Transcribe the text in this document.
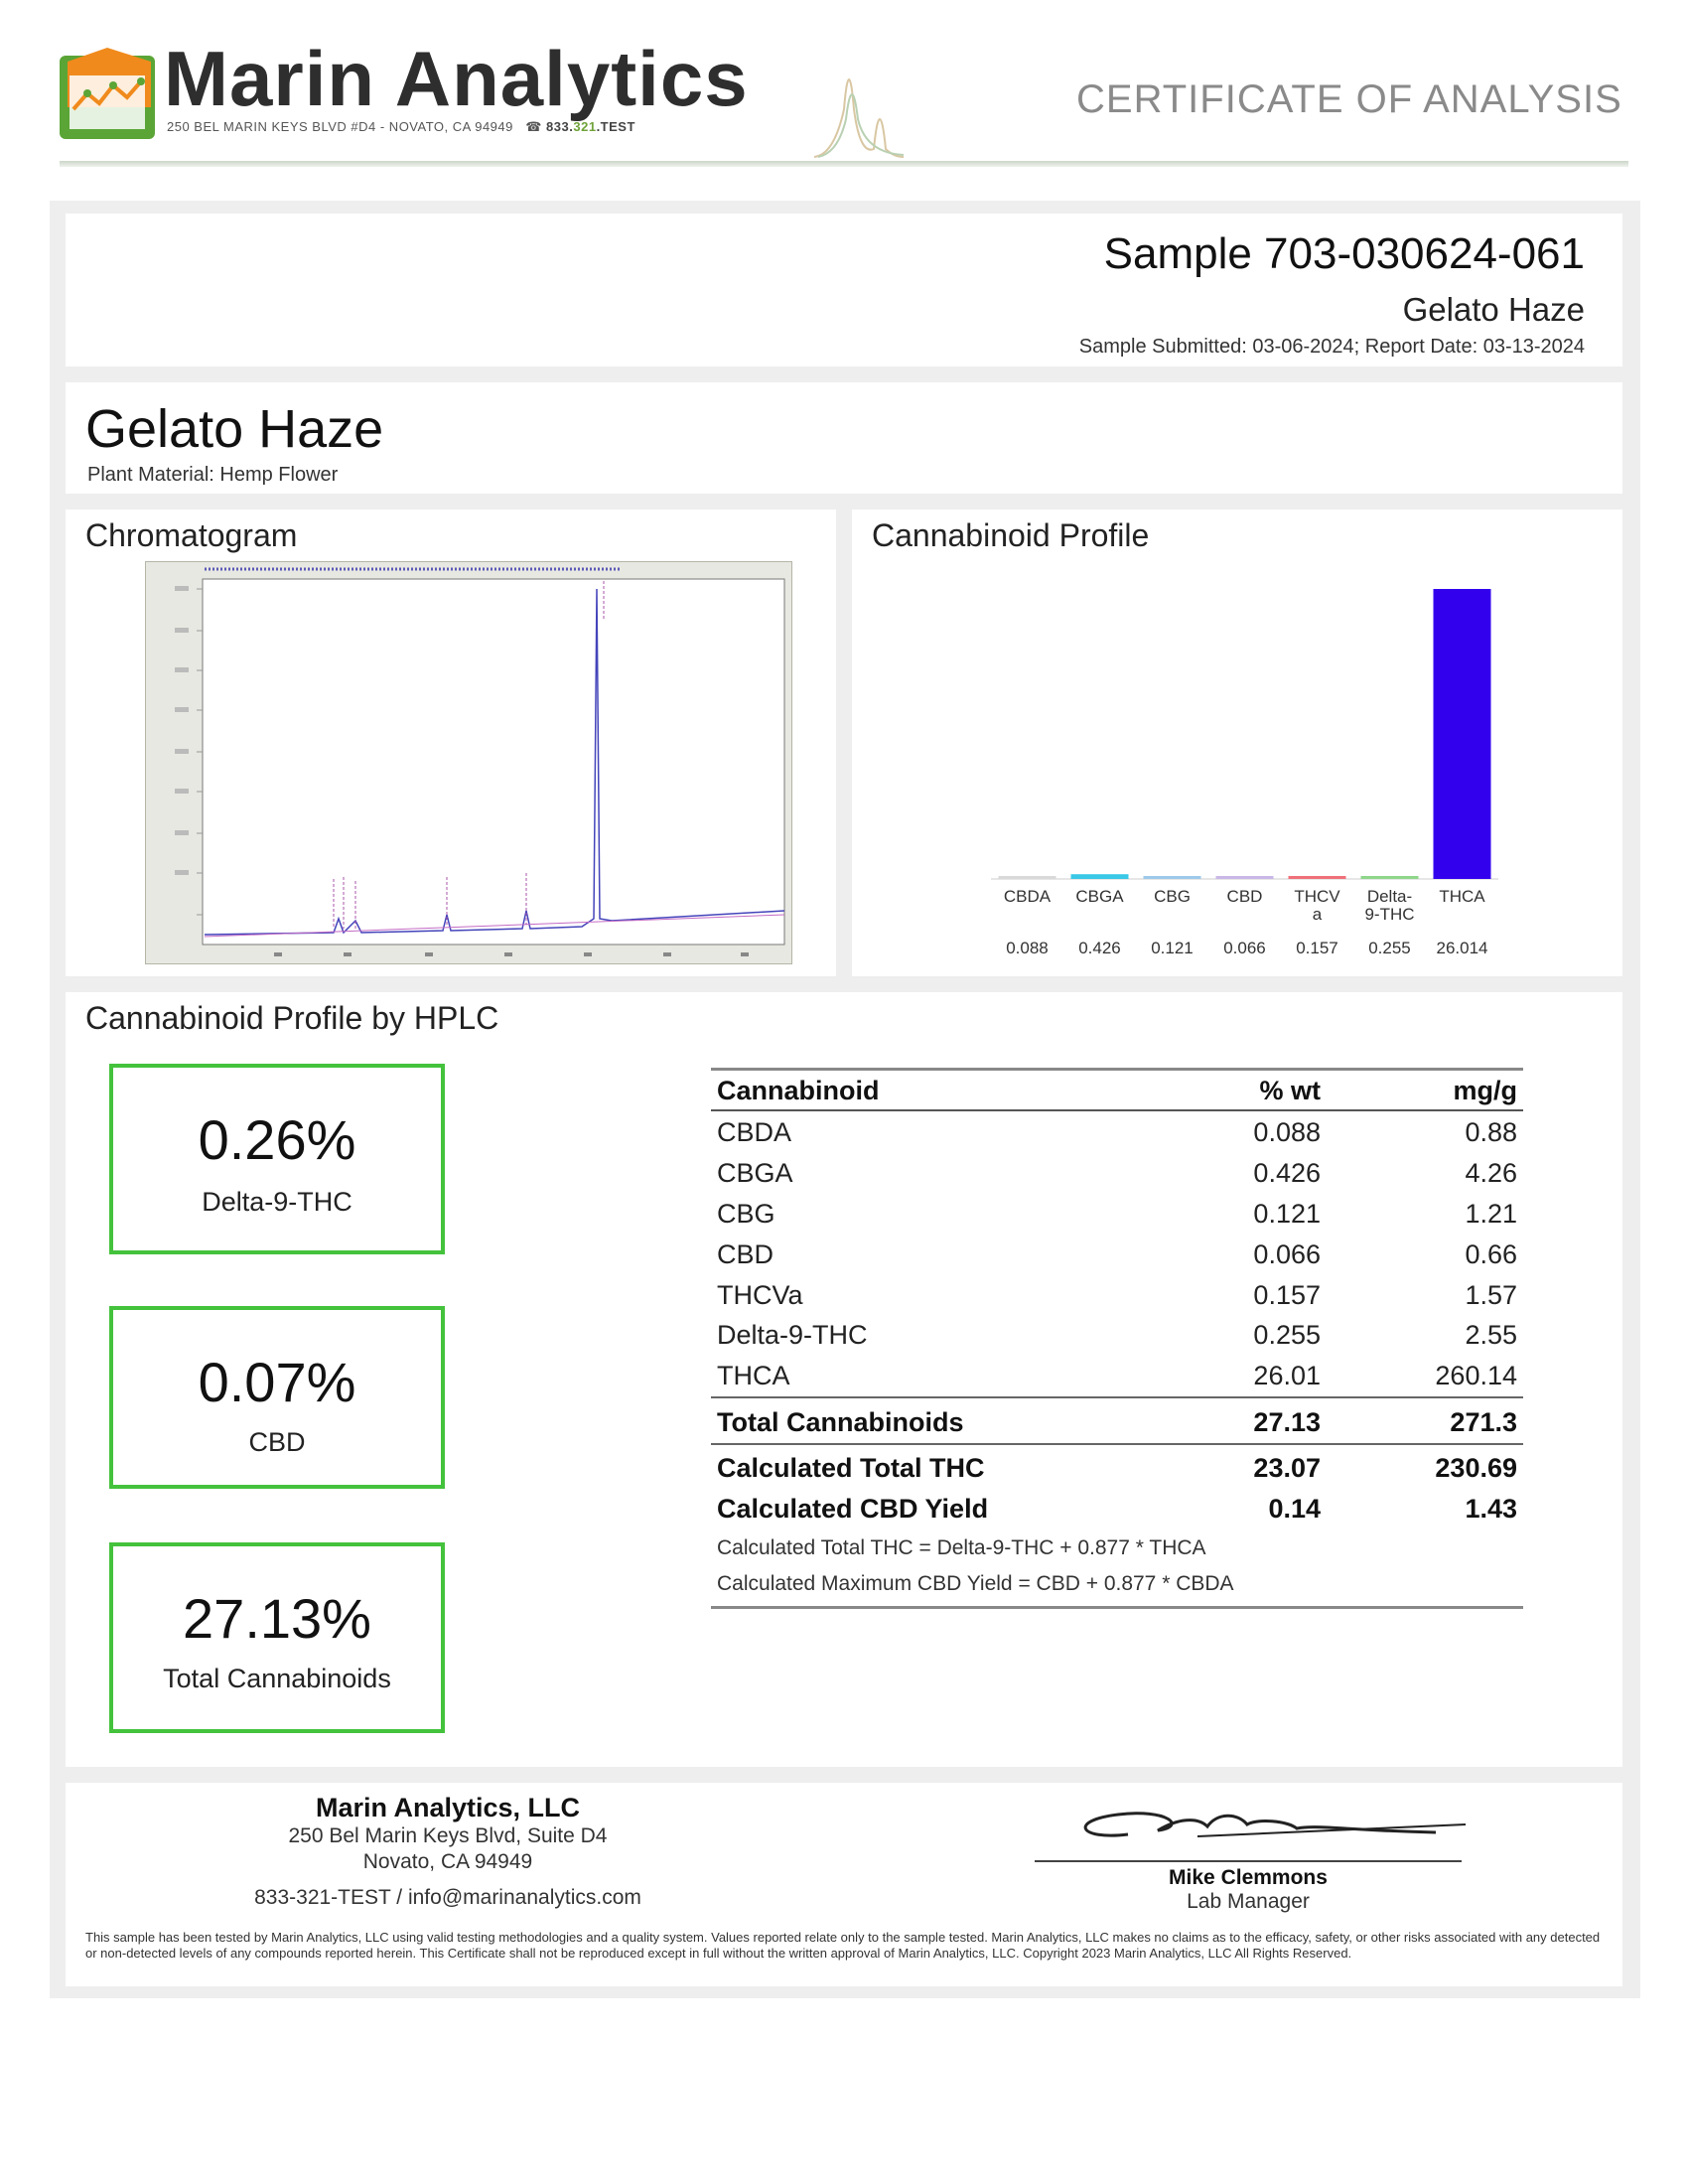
Marin Analytics
250 BEL MARIN KEYS BLVD #D4 - NOVATO, CA 94949 ☎ 833.321.TEST
CERTIFICATE OF ANALYSIS
Sample 703-030624-061
Gelato Haze
Sample Submitted: 03-06-2024; Report Date: 03-13-2024
Gelato Haze
Plant Material: Hemp Flower
Chromatogram	Cannabinoid Profile
CBDA
0.088
CBGA
0.426
CBG
0.121
CBD
0.066
THCV
a
0.157
Delta-
9-THC
0.255
THCA
26.014
Cannabinoid Profile by HPLC
0.26%
Delta-9-THC
0.07%
CBD
27.13%
Total Cannabinoids
Cannabinoid	% wt	mg/g
CBDA	0.088	0.88
CBGA	0.426	4.26
CBG	0.121	1.21
CBD	0.066	0.66
THCVa	0.157	1.57
Delta-9-THC	0.255	2.55
THCA	26.01	260.14
Total Cannabinoids	27.13	271.3
Calculated Total THC	23.07	230.69
Calculated CBD Yield	0.14	1.43
Calculated Total THC = Delta-9-THC + 0.877 * THCA
Calculated Maximum CBD Yield = CBD + 0.877 * CBDA
Marin Analytics, LLC
250 Bel Marin Keys Blvd, Suite D4
Novato, CA 94949
833-321-TEST / info@marinanalytics.com
Mike Clemmons
Lab Manager
This sample has been tested by Marin Analytics, LLC using valid testing methodologies and a quality system. Values reported relate only to the sample tested. Marin Analytics, LLC makes no claims as to the efficacy, safety, or other risks associated with any detected or non-detected levels of any compounds reported herein. This Certificate shall not be reproduced except in full without the written approval of Marin Analytics, LLC. Copyright 2023 Marin Analytics, LLC All Rights Reserved.
